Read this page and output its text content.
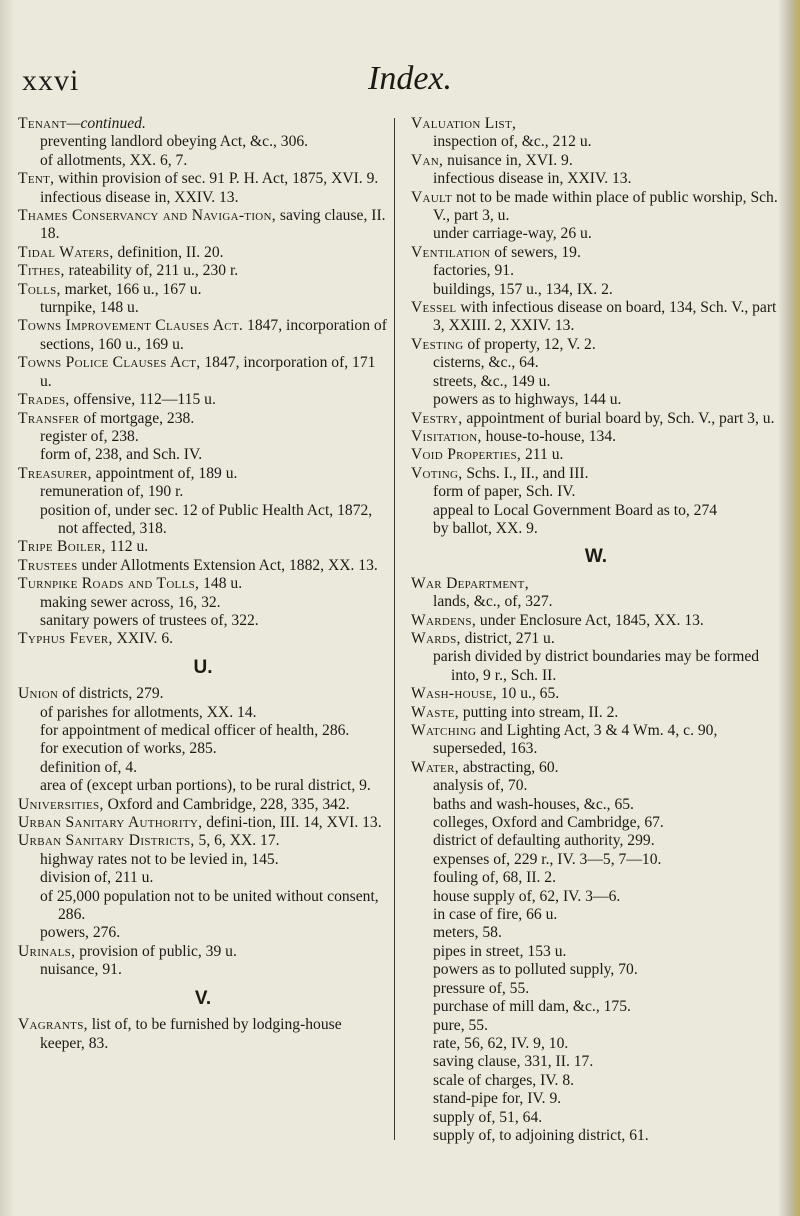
xxvi	Index.

Tenant—continued.

preventing landlord obeying Act, &c., 306.

of allotments, XX. 6, 7.

Tent, within provision of sec. 91 P. H. Act, 1875, XVI. 9.

infectious disease in, XXIV. 13.

Thames Conservancy and Naviga-tion, saving clause, II. 18.

Tidal Waters, definition, II. 20.

Tithes, rateability of, 211 u., 230 r.

Tolls, market, 166 u., 167 u.

turnpike, 148 u.

Towns Improvement Clauses Act. 1847, incorporation of sections, 160 u., 169 u.

Towns Police Clauses Act, 1847, incorporation of, 171 u.

Trades, offensive, 112—115 u.

Transfer of mortgage, 238.

register of, 238.

form of, 238, and Sch. IV.

Treasurer, appointment of, 189 u.

remuneration of, 190 r.

position of, under sec. 12 of Public Health Act, 1872, not affected, 318.

Tripe Boiler, 112 u.

Trustees under Allotments Extension Act, 1882, XX. 13.

Turnpike Roads and Tolls, 148 u.

making sewer across, 16, 32.

sanitary powers of trustees of, 322.

Typhus Fever, XXIV. 6.

U.

Union of districts, 279.

of parishes for allotments, XX. 14.

for appointment of medical officer of health, 286.

for execution of works, 285.

definition of, 4.

area of (except urban portions), to be rural district, 9.

Universities, Oxford and Cambridge, 228, 335, 342.

Urban Sanitary Authority, defini-tion, III. 14, XVI. 13.

Urban Sanitary Districts, 5, 6, XX. 17.

highway rates not to be levied in, 145.

division of, 211 u.

of 25,000 population not to be united without consent, 286.

powers, 276.

Urinals, provision of public, 39 u.

nuisance, 91.

V.

Vagrants, list of, to be furnished by lodging-house keeper, 83.

Valuation List,

inspection of, &c., 212 u.

Van, nuisance in, XVI. 9.

infectious disease in, XXIV. 13.

Vault not to be made within place of public worship, Sch. V., part 3, u.

under carriage-way, 26 u.

Ventilation of sewers, 19.

factories, 91.

buildings, 157 u., 134, IX. 2.

Vessel with infectious disease on board, 134, Sch. V., part 3, XXIII. 2, XXIV. 13.

Vesting of property, 12, V. 2.

cisterns, &c., 64.

streets, &c., 149 u.

powers as to highways, 144 u.

Vestry, appointment of burial board by, Sch. V., part 3, u.

Visitation, house-to-house, 134.

Void Properties, 211 u.

Voting, Schs. I., II., and III.

form of paper, Sch. IV.

appeal to Local Government Board as to, 274

by ballot, XX. 9.

W.

War Department,

lands, &c., of, 327.

Wardens, under Enclosure Act, 1845, XX. 13.

Wards, district, 271 u.

parish divided by district boundaries may be formed into, 9 r., Sch. II.

Wash-house, 10 u., 65.

Waste, putting into stream, II. 2.

Watching and Lighting Act, 3 & 4 Wm. 4, c. 90, superseded, 163.

Water, abstracting, 60.

analysis of, 70.

baths and wash-houses, &c., 65.

colleges, Oxford and Cambridge, 67.

district of defaulting authority, 299.

expenses of, 229 r., IV. 3—5, 7—10.

fouling of, 68, II. 2.

house supply of, 62, IV. 3—6.

in case of fire, 66 u.

meters, 58.

pipes in street, 153 u.

powers as to polluted supply, 70.

pressure of, 55.

purchase of mill dam, &c., 175.

pure, 55.

rate, 56, 62, IV. 9, 10.

saving clause, 331, II. 17.

scale of charges, IV. 8.

stand-pipe for, IV. 9.

supply of, 51, 64.

supply of, to adjoining district, 61.
